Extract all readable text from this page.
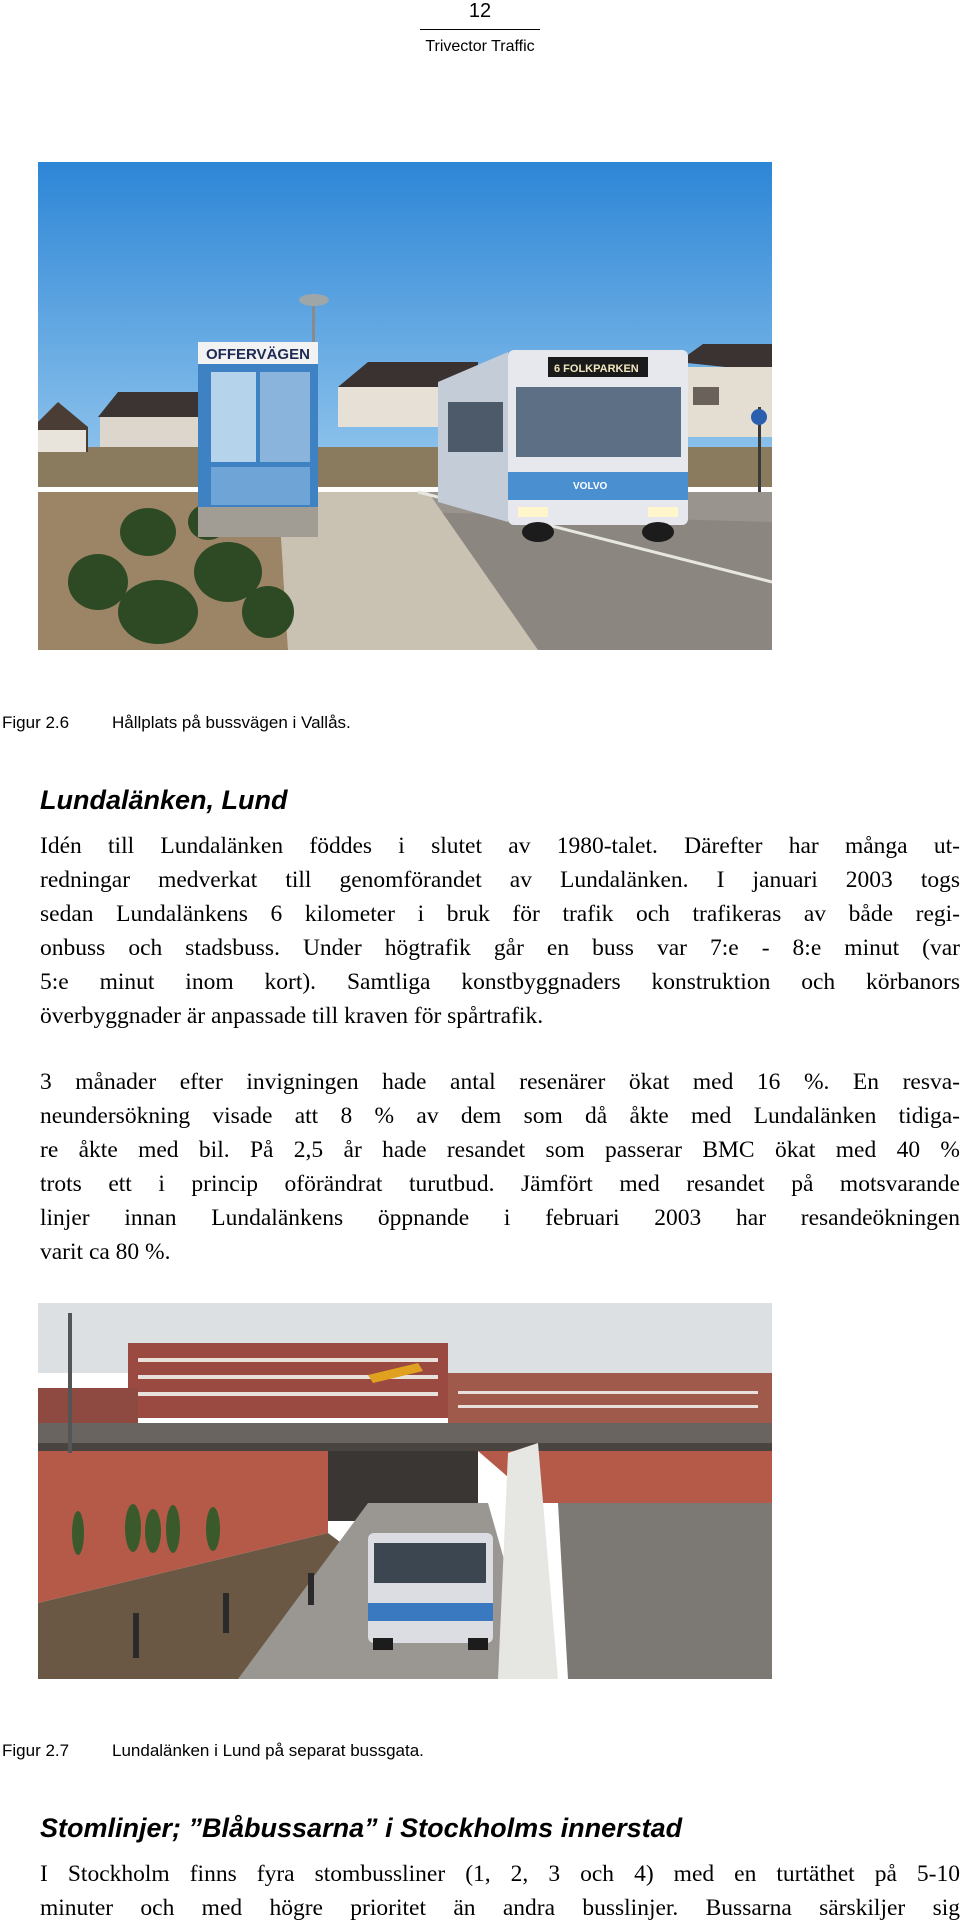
12
Trivector Traffic
OFFERVÄGEN
6 FOLKPARKEN
VOLVO
Figur 2.6	Hållplats på bussvägen i Vallås.
Lundalänken, Lund
Idén till Lundalänken föddes i slutet av 1980-talet. Därefter har många ut-
redningar medverkat till genomförandet av Lundalänken. I januari 2003 togs
sedan Lundalänkens 6 kilometer i bruk för trafik och trafikeras av både regi-
onbuss och stadsbuss. Under högtrafik går en buss var 7:e - 8:e minut (var
5:e minut inom kort). Samtliga konstbyggnaders konstruktion och körbanors
överbyggnader är anpassade till kraven för spårtrafik.
3 månader efter invigningen hade antal resenärer ökat med 16 %. En resva-
neundersökning visade att 8 % av dem som då åkte med Lundalänken tidiga-
re åkte med bil. På 2,5 år hade resandet som passerar BMC ökat med 40 %
trots ett i princip oförändrat turutbud. Jämfört med resandet på motsvarande
linjer innan Lundalänkens öppnande i februari 2003 har resandeökningen
varit ca 80 %.
Figur 2.7	Lundalänken i Lund på separat bussgata.
Stomlinjer; ”Blåbussarna” i Stockholms innerstad
I Stockholm finns fyra stombussliner (1, 2, 3 och 4) med en turtäthet på 5-10
minuter och med högre prioritet än andra busslinjer. Bussarna särskiljer sig
